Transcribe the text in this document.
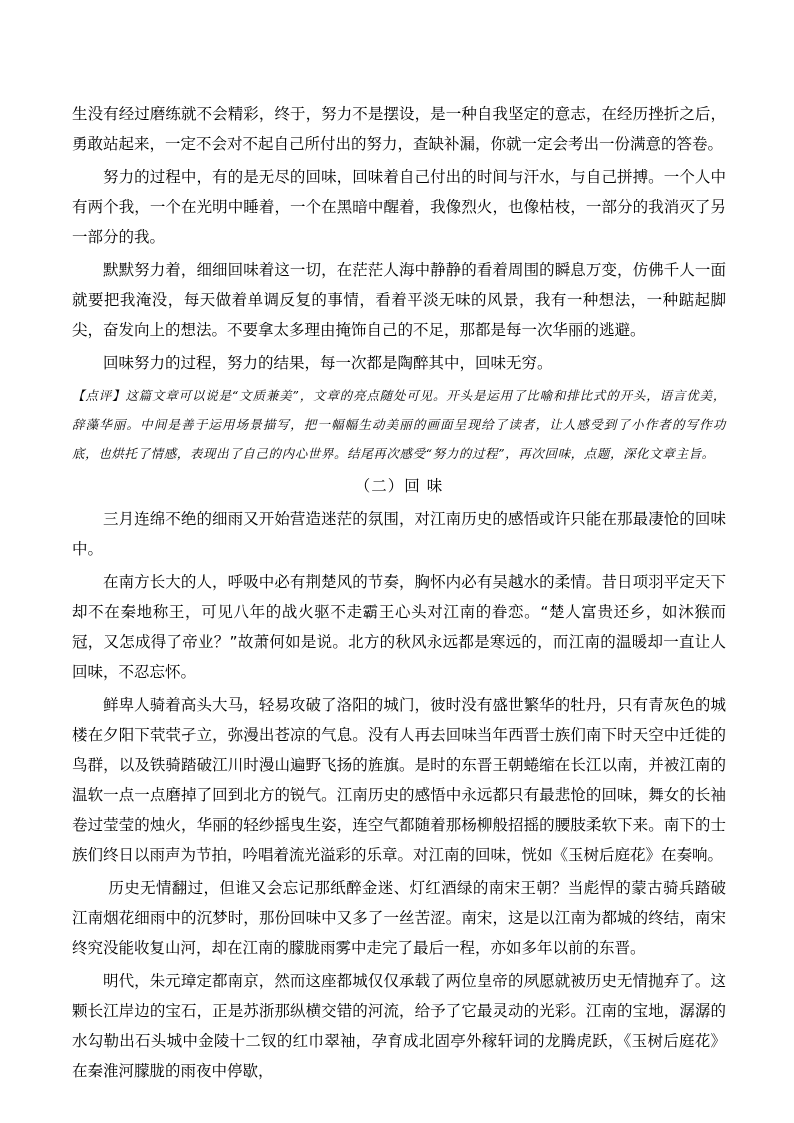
生没有经过磨练就不会精彩，终于，努力不是摆设，是一种自我坚定的意志，在经历挫折之后，勇敢站起来，一定不会对不起自己所付出的努力，查缺补漏，你就一定会考出一份满意的答卷。

努力的过程中，有的是无尽的回味，回味着自己付出的时间与汗水，与自己拼搏。一个人中有两个我，一个在光明中睡着，一个在黑暗中醒着，我像烈火，也像枯枝，一部分的我消灭了另一部分的我。

默默努力着，细细回味着这一切，在茫茫人海中静静的看着周围的瞬息万变，仿佛千人一面就要把我淹没，每天做着单调反复的事情，看着平淡无味的风景，我有一种想法，一种踮起脚尖，奋发向上的想法。不要拿太多理由掩饰自己的不足，那都是每一次华丽的逃避。

回味努力的过程，努力的结果，每一次都是陶醉其中，回味无穷。

【点评】这篇文章可以说是“文质兼美”，文章的亮点随处可见。开头是运用了比喻和排比式的开头，语言优美，辞藻华丽。中间是善于运用场景描写，把一幅幅生动美丽的画面呈现给了读者，让人感受到了小作者的写作功底，也烘托了情感，表现出了自己的内心世界。结尾再次感受“努力的过程”，再次回味，点题，深化文章主旨。

（二）回 味

三月连绵不绝的细雨又开始营造迷茫的氛围，对江南历史的感悟或许只能在那最凄怆的回味中。

在南方长大的人，呼吸中必有荆楚风的节奏，胸怀内必有吴越水的柔情。昔日项羽平定天下却不在秦地称王，可见八年的战火驱不走霸王心头对江南的眷恋。“楚人富贵还乡，如沐猴而冠，又怎成得了帝业？”故萧何如是说。北方的秋风永远都是寒远的，而江南的温暖却一直让人回味，不忍忘怀。

鲜卑人骑着高头大马，轻易攻破了洛阳的城门，彼时没有盛世繁华的牡丹，只有青灰色的城楼在夕阳下茕茕孑立，弥漫出苍凉的气息。没有人再去回味当年西晋士族们南下时天空中迁徙的鸟群，以及铁骑踏破江川时漫山遍野飞扬的旌旗。是时的东晋王朝蜷缩在长江以南，并被江南的温软一点一点磨掉了回到北方的锐气。江南历史的感悟中永远都只有最悲怆的回味，舞女的长袖卷过莹莹的烛火，华丽的轻纱摇曳生姿，连空气都随着那杨柳般招摇的腰肢柔软下来。南下的士族们终日以雨声为节拍，吟唱着流光溢彩的乐章。对江南的回味，恍如《玉树后庭花》在奏响。

历史无情翻过，但谁又会忘记那纸醉金迷、灯红酒绿的南宋王朝？当彪悍的蒙古骑兵踏破江南烟花细雨中的沉梦时，那份回味中又多了一丝苦涩。南宋，这是以江南为都城的终结，南宋终究没能收复山河，却在江南的朦胧雨雾中走完了最后一程，亦如多年以前的东晋。

明代，朱元璋定都南京，然而这座都城仅仅承载了两位皇帝的夙愿就被历史无情抛弃了。这颗长江岸边的宝石，正是苏浙那纵横交错的河流，给予了它最灵动的光彩。江南的宝地，潺潺的水勾勒出石头城中金陵十二钗的红巾翠袖，孕育成北固亭外稼轩词的龙腾虎跃，《玉树后庭花》在秦淮河朦胧的雨夜中停歇，
